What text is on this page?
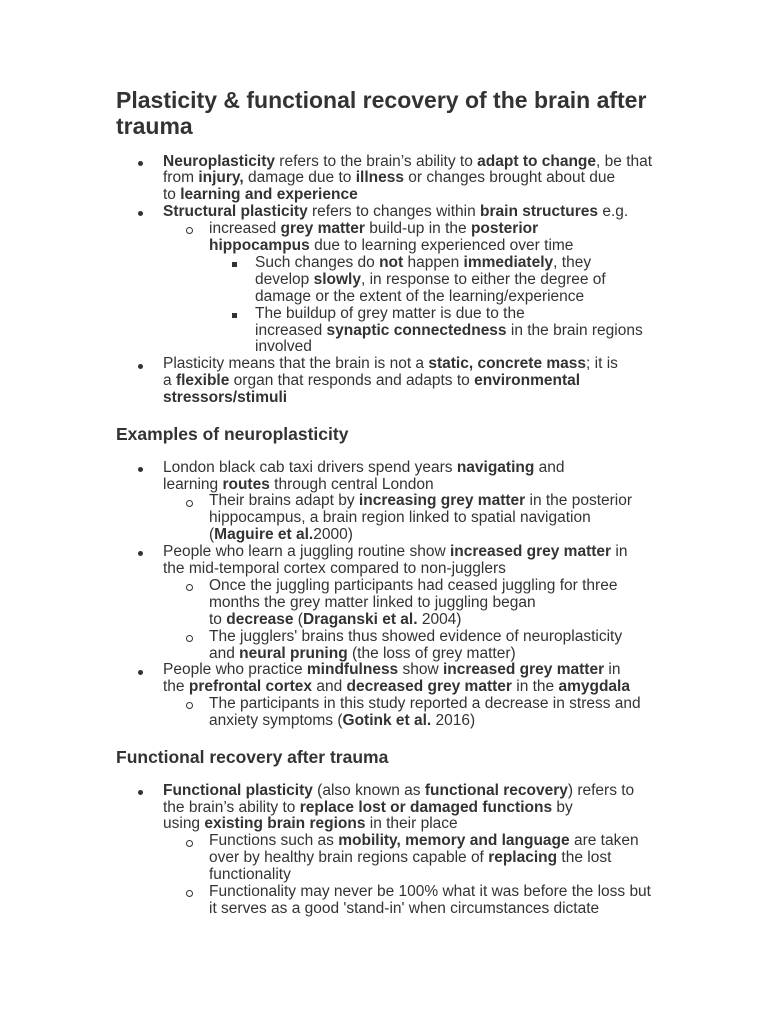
Plasticity & functional recovery of the brain after trauma
Neuroplasticity refers to the brain’s ability to adapt to change, be that
from injury, damage due to illness or changes brought about due
to learning and experience
Structural plasticity refers to changes within brain structures e.g.
increased grey matter build-up in the posterior
hippocampus due to learning experienced over time
Such changes do not happen immediately, they
develop slowly, in response to either the degree of
damage or the extent of the learning/experience
The buildup of grey matter is due to the
increased synaptic connectedness in the brain regions
involved
Plasticity means that the brain is not a static, concrete mass; it is
a flexible organ that responds and adapts to environmental
stressors/stimuli
Examples of neuroplasticity
London black cab taxi drivers spend years navigating and
learning routes through central London
Their brains adapt by increasing grey matter in the posterior
hippocampus, a brain region linked to spatial navigation
(Maguire et al.2000)
People who learn a juggling routine show increased grey matter in
the mid-temporal cortex compared to non-jugglers
Once the juggling participants had ceased juggling for three
months the grey matter linked to juggling began
to decrease (Draganski et al. 2004)
The jugglers' brains thus showed evidence of neuroplasticity
and neural pruning (the loss of grey matter)
People who practice mindfulness show increased grey matter in
the prefrontal cortex and decreased grey matter in the amygdala
The participants in this study reported a decrease in stress and
anxiety symptoms (Gotink et al. 2016)
Functional recovery after trauma
Functional plasticity (also known as functional recovery) refers to
the brain’s ability to replace lost or damaged functions by
using existing brain regions in their place
Functions such as mobility, memory and language are taken
over by healthy brain regions capable of replacing the lost
functionality
Functionality may never be 100% what it was before the loss but
it serves as a good 'stand-in' when circumstances dictate
